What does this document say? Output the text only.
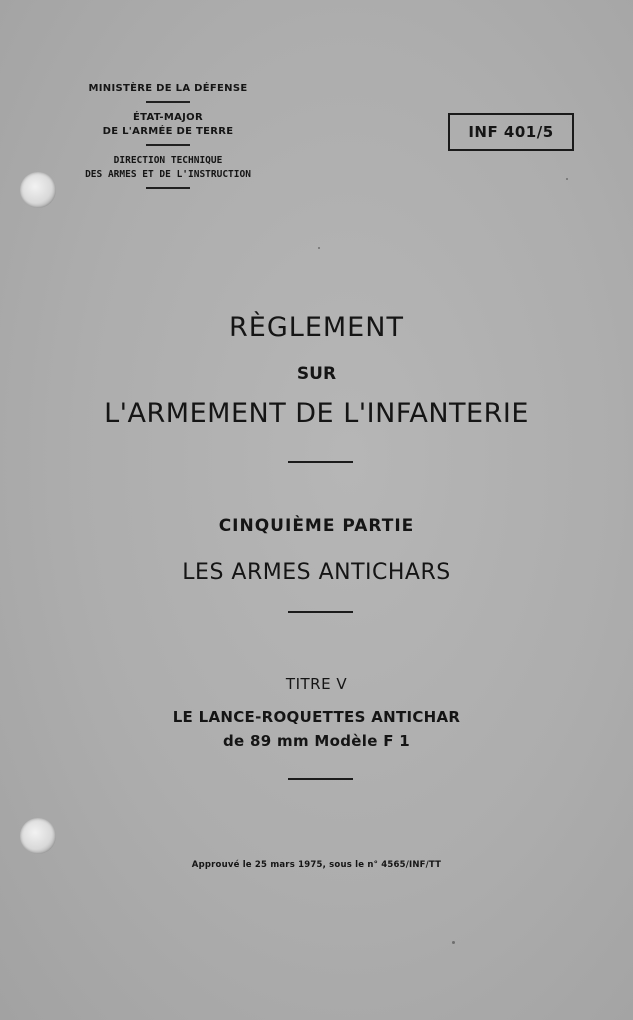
MINISTÈRE DE LA DÉFENSE
ÉTAT-MAJOR
DE L'ARMÉE DE TERRE
DIRECTION TECHNIQUE
DES ARMES ET DE L'INSTRUCTION
INF 401/5
RÈGLEMENT
SUR
L'ARMEMENT DE L'INFANTERIE
CINQUIÈME PARTIE
LES ARMES ANTICHARS
TITRE V
LE LANCE-ROQUETTES ANTICHAR
de 89 mm Modèle F 1
Approuvé le 25 mars 1975, sous le n° 4565/INF/TT
